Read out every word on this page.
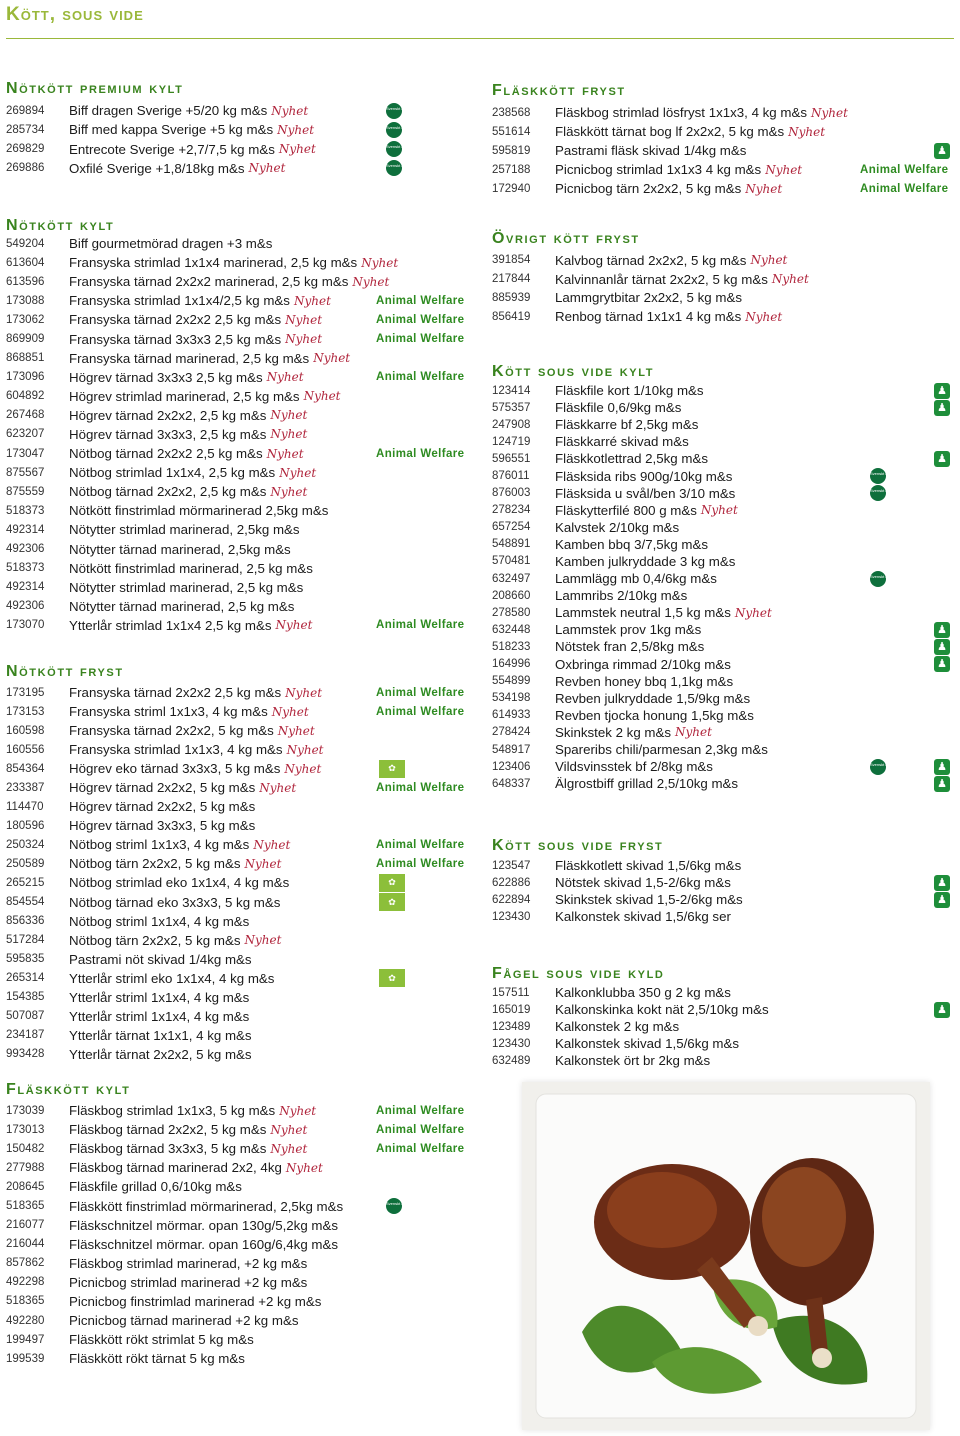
Kött, sous vide
Nötkött premium kylt
269894	Biff dragen Sverige +5/20 kg m&s Nyhet	Svenskt kött
285734	Biff med kappa Sverige +5 kg m&s Nyhet	Svenskt kött
269829	Entrecote Sverige +2,7/7,5 kg m&s Nyhet	Svenskt kött
269886	Oxfilé Sverige +1,8/18kg m&s Nyhet	Svenskt kött
Nötkött kylt
549204	Biff gourmetmörad dragen +3 m&s
613604	Fransyska strimlad 1x1x4 marinerad, 2,5 kg m&s Nyhet
613596	Fransyska tärnad 2x2x2 marinerad, 2,5 kg m&s Nyhet
173088	Fransyska strimlad 1x1x4/2,5 kg m&s Nyhet	Animal Welfare
173062	Fransyska tärnad 2x2x2 2,5 kg m&s Nyhet	Animal Welfare
869909	Fransyska tärnad 3x3x3 2,5 kg m&s Nyhet	Animal Welfare
868851	Fransyska tärnad marinerad, 2,5 kg m&s Nyhet
173096	Högrev tärnad 3x3x3 2,5 kg m&s Nyhet	Animal Welfare
604892	Högrev strimlad marinerad, 2,5 kg m&s Nyhet
267468	Högrev tärnad 2x2x2, 2,5 kg m&s Nyhet
623207	Högrev tärnad 3x3x3, 2,5 kg m&s Nyhet
173047	Nötbog tärnad 2x2x2 2,5 kg m&s Nyhet	Animal Welfare
875567	Nötbog strimlad 1x1x4, 2,5 kg m&s Nyhet
875559	Nötbog tärnad 2x2x2, 2,5 kg m&s Nyhet
518373	Nötkött finstrimlad mörmarinerad 2,5kg m&s
492314	Nötytter strimlad marinerad, 2,5kg m&s
492306	Nötytter tärnad marinerad, 2,5kg m&s
518373	Nötkött finstrimlad marinerad, 2,5 kg m&s
492314	Nötytter strimlad marinerad, 2,5 kg m&s
492306	Nötytter tärnad marinerad, 2,5 kg m&s
173070	Ytterlår strimlad 1x1x4 2,5 kg m&s Nyhet	Animal Welfare
Nötkött fryst
173195	Fransyska tärnad 2x2x2 2,5 kg m&s Nyhet	Animal Welfare
173153	Fransyska striml 1x1x3, 4 kg m&s Nyhet	Animal Welfare
160598	Fransyska tärnad 2x2x2, 5 kg m&s Nyhet
160556	Fransyska strimlad 1x1x3, 4 kg m&s Nyhet
854364	Högrev eko tärnad 3x3x3, 5 kg m&s Nyhet	✿
233387	Högrev tärnad 2x2x2, 5 kg m&s Nyhet	Animal Welfare
114470	Högrev tärnad 2x2x2, 5 kg m&s
180596	Högrev tärnad 3x3x3, 5 kg m&s
250324	Nötbog striml 1x1x3, 4 kg m&s Nyhet	Animal Welfare
250589	Nötbog tärn 2x2x2, 5 kg m&s Nyhet	Animal Welfare
265215	Nötbog strimlad eko 1x1x4, 4 kg m&s	✿
854554	Nötbog tärnad eko 3x3x3, 5 kg m&s	✿
856336	Nötbog striml 1x1x4, 4 kg m&s
517284	Nötbog tärn 2x2x2, 5 kg m&s Nyhet
595835	Pastrami nöt skivad 1/4kg m&s
265314	Ytterlår striml eko 1x1x4, 4 kg m&s	✿
154385	Ytterlår striml 1x1x4, 4 kg m&s
507087	Ytterlår striml 1x1x4, 4 kg m&s
234187	Ytterlår tärnat 1x1x1, 4 kg m&s
993428	Ytterlår tärnat 2x2x2, 5 kg m&s
Fläskkött kylt
173039	Fläskbog strimlad 1x1x3, 5 kg m&s Nyhet	Animal Welfare
173013	Fläskbog tärnad 2x2x2, 5 kg m&s Nyhet	Animal Welfare
150482	Fläskbog tärnad 3x3x3, 5 kg m&s Nyhet	Animal Welfare
277988	Fläskbog tärnad marinerad 2x2, 4kg Nyhet
208645	Fläskfile grillad 0,6/10kg m&s
518365	Fläskkött finstrimlad mörmarinerad, 2,5kg m&s	Svenskt kött
216077	Fläskschnitzel mörmar. opan 130g/5,2kg m&s
216044	Fläskschnitzel mörmar. opan 160g/6,4kg m&s
857862	Fläskbog strimlad marinerad, +2 kg m&s
492298	Picnicbog strimlad marinerad +2 kg m&s
518365	Picnicbog finstrimlad marinerad +2 kg m&s
492280	Picnicbog tärnad marinerad +2 kg m&s
199497	Fläskkött rökt strimlat 5 kg m&s
199539	Fläskkött rökt tärnat 5 kg m&s
Fläskkött fryst
238568	Fläskbog strimlad lösfryst 1x1x3, 4 kg m&s Nyhet
551614	Fläskkött tärnat bog lf 2x2x2, 5 kg m&s Nyhet
595819	Pastrami fläsk skivad 1/4kg m&s	♟
257188	Picnicbog strimlad 1x1x3 4 kg m&s Nyhet	Animal Welfare
172940	Picnicbog tärn 2x2x2, 5 kg m&s Nyhet	Animal Welfare
Övrigt kött fryst
391854	Kalvbog tärnad 2x2x2, 5 kg m&s Nyhet
217844	Kalvinnanlår tärnat 2x2x2, 5 kg m&s Nyhet
885939	Lammgrytbitar 2x2x2, 5 kg m&s
856419	Renbog tärnad 1x1x1 4 kg m&s Nyhet
Kött sous vide kylt
123414	Fläskfile kort 1/10kg m&s	♟
575357	Fläskfile 0,6/9kg m&s	♟
247908	Fläskkarre bf 2,5kg m&s
124719	Fläskkarré skivad m&s
596551	Fläskkotlettrad 2,5kg m&s	♟
876011	Fläsksida ribs 900g/10kg m&s	Svenskt kött
876003	Fläsksida u svål/ben 3/10 m&s	Svenskt kött
278234	Fläskytterfilé 800 g m&s Nyhet
657254	Kalvstek 2/10kg m&s
548891	Kamben bbq 3/7,5kg m&s
570481	Kamben julkryddade 3 kg m&s
632497	Lammlägg mb 0,4/6kg m&s	Svenskt kött
208660	Lammribs 2/10kg m&s
278580	Lammstek neutral 1,5 kg m&s Nyhet
632448	Lammstek prov 1kg m&s	♟
518233	Nötstek fran 2,5/8kg m&s	♟
164996	Oxbringa rimmad 2/10kg m&s	♟
554899	Revben honey bbq 1,1kg m&s
534198	Revben julkryddade 1,5/9kg m&s
614933	Revben tjocka honung 1,5kg m&s
278424	Skinkstek 2 kg m&s Nyhet
548917	Spareribs chili/parmesan 2,3kg m&s
123406	Vildsvinsstek bf 2/8kg m&s	Svenskt kött	♟
648337	Älgrostbiff grillad 2,5/10kg m&s	♟
Kött sous vide fryst
123547	Fläskkotlett skivad 1,5/6kg m&s
622886	Nötstek skivad 1,5-2/6kg m&s	♟
622894	Skinkstek skivad 1,5-2/6kg m&s	♟
123430	Kalkonstek skivad 1,5/6kg ser
Fågel sous vide kyld
157511	Kalkonklubba 350 g 2 kg m&s
165019	Kalkonskinka kokt nät 2,5/10kg m&s	♟
123489	Kalkonstek 2 kg m&s
123430	Kalkonstek skivad 1,5/6kg m&s
632489	Kalkonstek ört br 2kg m&s
